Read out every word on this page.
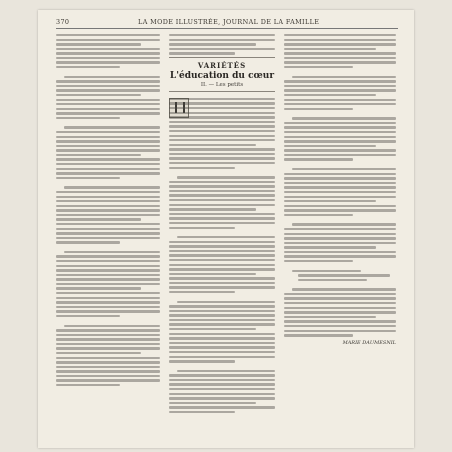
370	LA MODE ILLUSTRÉE, JOURNAL DE LA FAMILLE
VARIÉTÉS
L'éducation du cœur
II. — Les petits
MARIE DAUMESNIL
